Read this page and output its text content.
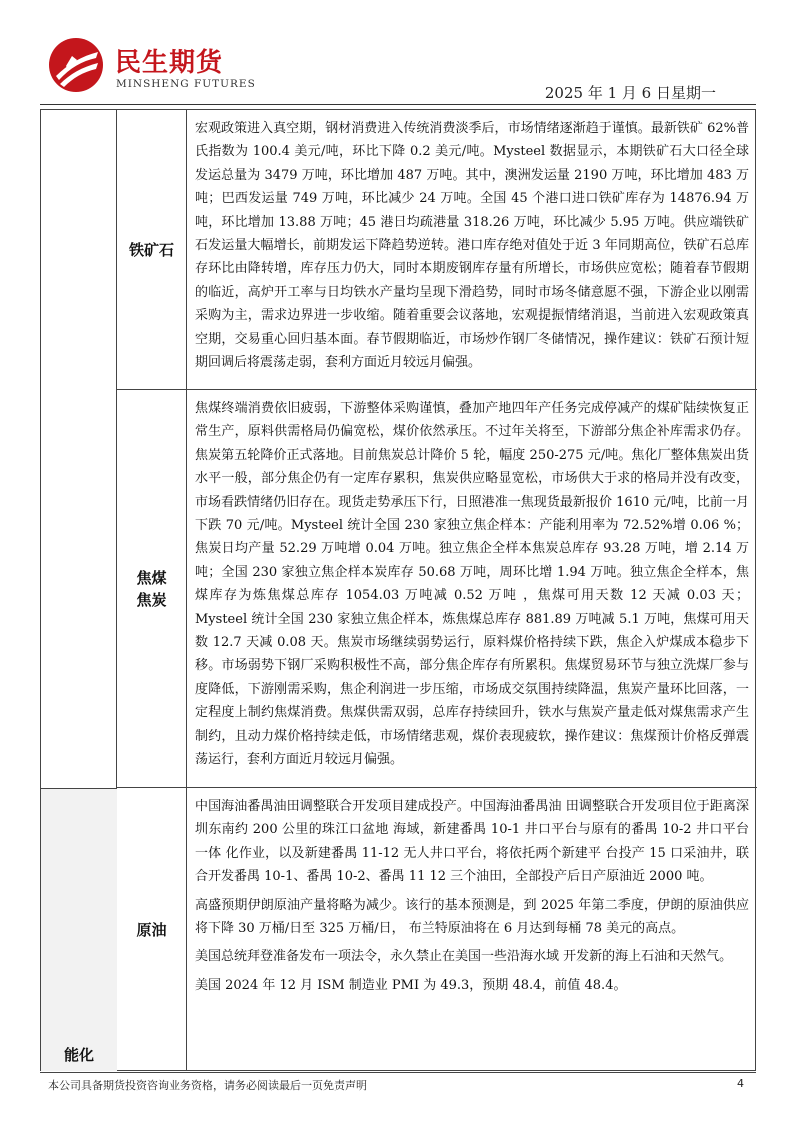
民生期货
MINSHENG FUTURES	2025 年 1 月 6 日星期一
能化
铁矿石

宏观政策进入真空期，钢材消费进入传统消费淡季后，市场情绪逐渐趋于谨慎。最新铁矿 62%普氏指数为 100.4 美元/吨，环比下降 0.2 美元/吨。Mysteel 数据显示，本期铁矿石大口径全球发运总量为 3479 万吨，环比增加 487 万吨。其中，澳洲发运量 2190 万吨，环比增加 483 万吨；巴西发运量 749 万吨，环比减少 24 万吨。全国 45 个港口进口铁矿库存为 14876.94 万吨，环比增加 13.88 万吨；45 港日均疏港量 318.26 万吨，环比减少 5.95 万吨。供应端铁矿石发运量大幅增长，前期发运下降趋势逆转。港口库存绝对值处于近 3 年同期高位，铁矿石总库存环比由降转增，库存压力仍大，同时本期废钢库存量有所增长，市场供应宽松；随着春节假期的临近，高炉开工率与日均铁水产量均呈现下滑趋势，同时市场冬储意愿不强，下游企业以刚需采购为主，需求边界进一步收缩。随着重要会议落地，宏观提振情绪消退，当前进入宏观政策真空期，交易重心回归基本面。春节假期临近，市场炒作钢厂冬储情况，操作建议：铁矿石预计短期回调后将震荡走弱，套利方面近月较远月偏强。

焦煤
焦炭

焦煤终端消费依旧疲弱，下游整体采购谨慎，叠加产地四年产任务完成停减产的煤矿陆续恢复正常生产，原料供需格局仍偏宽松，煤价依然承压。不过年关将至，下游部分焦企补库需求仍存。焦炭第五轮降价正式落地。目前焦炭总计降价 5 轮，幅度 250-275 元/吨。焦化厂整体焦炭出货水平一般，部分焦企仍有一定库存累积，焦炭供应略显宽松，市场供大于求的格局并没有改变，市场看跌情绪仍旧存在。现货走势承压下行，日照港准一焦现货最新报价 1610 元/吨，比前一月下跌 70 元/吨。Mysteel 统计全国 230 家独立焦企样本：产能利用率为 72.52%增 0.06 %；焦炭日均产量 52.29 万吨增 0.04 万吨。独立焦企全样本焦炭总库存 93.28 万吨，增 2.14 万吨；全国 230 家独立焦企样本炭库存 50.68 万吨，周环比增 1.94 万吨。独立焦企全样本，焦煤库存为炼焦煤总库存 1054.03 万吨减 0.52 万吨 ，焦煤可用天数 12 天减 0.03 天；Mysteel 统计全国 230 家独立焦企样本，炼焦煤总库存 881.89 万吨减 5.1 万吨，焦煤可用天数 12.7 天减 0.08 天。焦炭市场继续弱势运行，原料煤价格持续下跌，焦企入炉煤成本稳步下移。市场弱势下钢厂采购积极性不高，部分焦企库存有所累积。焦煤贸易环节与独立洗煤厂参与度降低，下游刚需采购，焦企利润进一步压缩，市场成交氛围持续降温，焦炭产量环比回落，一定程度上制约焦煤消费。焦煤供需双弱，总库存持续回升，铁水与焦炭产量走低对煤焦需求产生制约，且动力煤价格持续走低，市场情绪悲观，煤价表现疲软，操作建议：焦煤预计价格反弹震荡运行，套利方面近月较远月偏强。

原油

中国海油番禺油田调整联合开发项目建成投产。中国海油番禺油 田调整联合开发项目位于距离深圳东南约 200 公里的珠江口盆地 海域，新建番禺 10-1 井口平台与原有的番禺 10-2 井口平台一体 化作业，以及新建番禺 11-12 无人井口平台，将依托两个新建平 台投产 15 口采油井，联合开发番禺 10-1、番禺 10-2、番禺 11 12 三个油田，全部投产后日产原油近 2000 吨。

高盛预期伊朗原油产量将略为减少。该行的基本预测是，到 2025 年第二季度，伊朗的原油供应将下降 30 万桶/日至 325 万桶/日， 布兰特原油将在 6 月达到每桶 78 美元的高点。

美国总统拜登准备发布一项法令，永久禁止在美国一些沿海水域 开发新的海上石油和天然气。

美国 2024 年 12 月 ISM 制造业 PMI 为 49.3，预期 48.4，前值 48.4。

本公司具备期货投资咨询业务资格，请务必阅读最后一页免责声明	4
